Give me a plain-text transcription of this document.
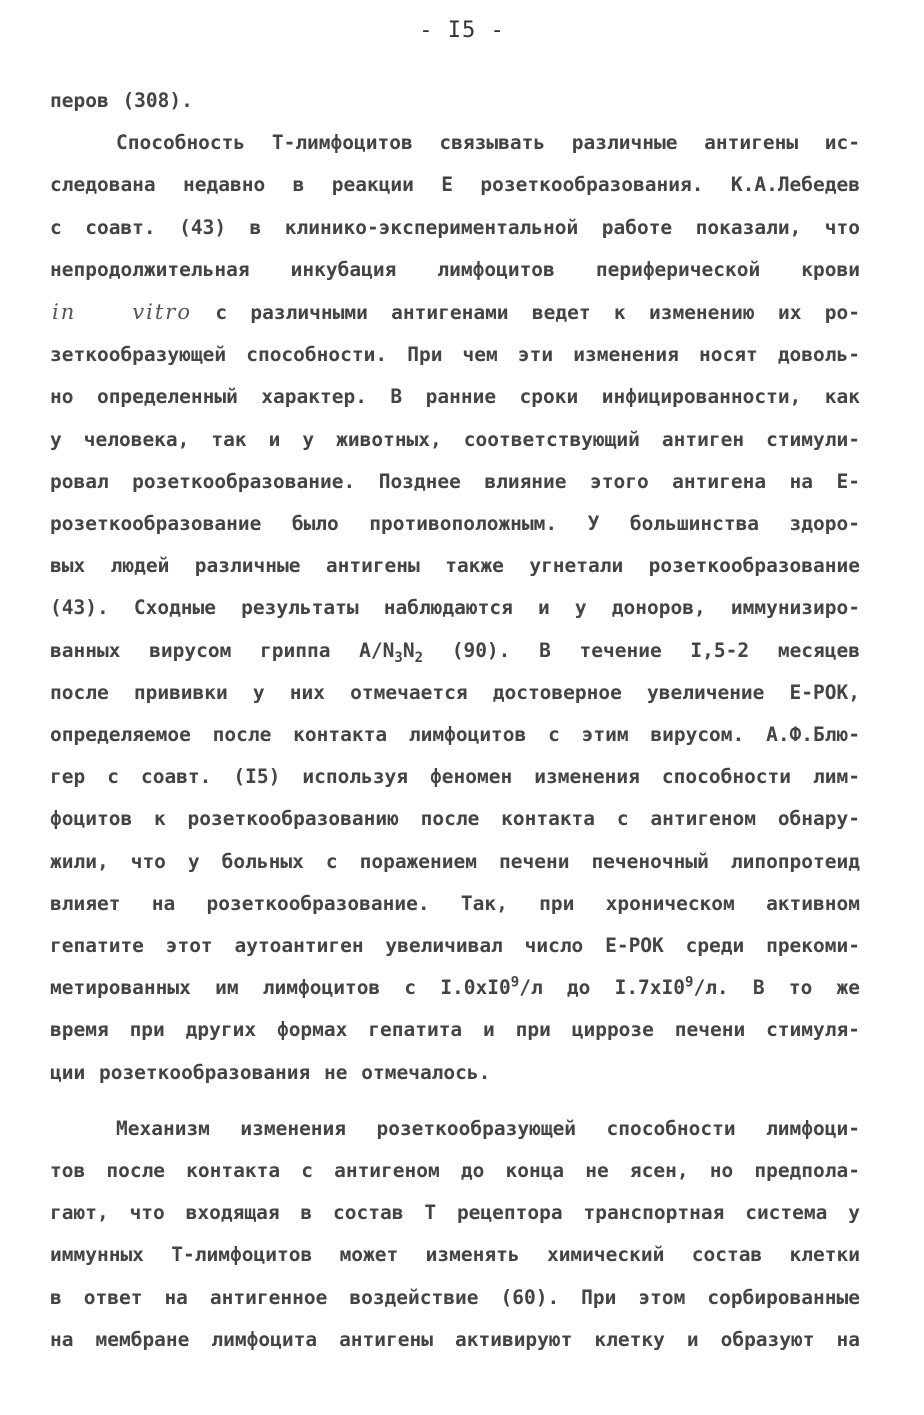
- I5 -
перов (308).
Способность Т-лимфоцитов связывать различные антигены ис-
следована недавно в реакции Е розеткообразования. К.А.Лебедев
с соавт. (43) в клинико-экспериментальной работе показали, что
непродолжительная инкубация лимфоцитов периферической крови
in vitro с различными антигенами ведет к изменению их ро-
зеткообразующей способности. При чем эти изменения носят доволь-
но определенный характер. В ранние сроки инфицированности, как
у человека, так и у животных, соответствующий антиген стимули-
ровал розеткообразование. Позднее влияние этого антигена на Е-
розеткообразование было противоположным. У большинства здоро-
вых людей различные антигены также угнетали розеткообразование
(43). Сходные результаты наблюдаются и у доноров, иммунизиро-
ванных вирусом гриппа $A/N_3N_2$ (90). В течение I,5-2 месяцев
после прививки у них отмечается достоверное увеличение Е-РОК,
определяемое после контакта лимфоцитов с этим вирусом. А.Ф.Блю-
гер с соавт. (I5) используя феномен изменения способности лим-
фоцитов к розеткообразованию после контакта с антигеном обнару-
жили, что у больных с поражением печени печеночный липопротеид
влияет на розеткообразование. Так, при хроническом активном
гепатите этот аутоантиген увеличивал число Е-РОК среди прекоми-
метированных им лимфоцитов с $I.0xI0^9/л$ до $I.7xI0^9/л$. В то же
время при других формах гепатита и при циррозе печени стимуля-
ции розеткообразования не отмечалось.
Механизм изменения розеткообразующей способности лимфоци-
тов после контакта с антигеном до конца не ясен, но предпола-
гают, что входящая в состав Т рецептора транспортная система у
иммунных Т-лимфоцитов может изменять химический состав клетки
в ответ на антигенное воздействие (60). При этом сорбированные
на мембране лимфоцита антигены активируют клетку и образуют на
